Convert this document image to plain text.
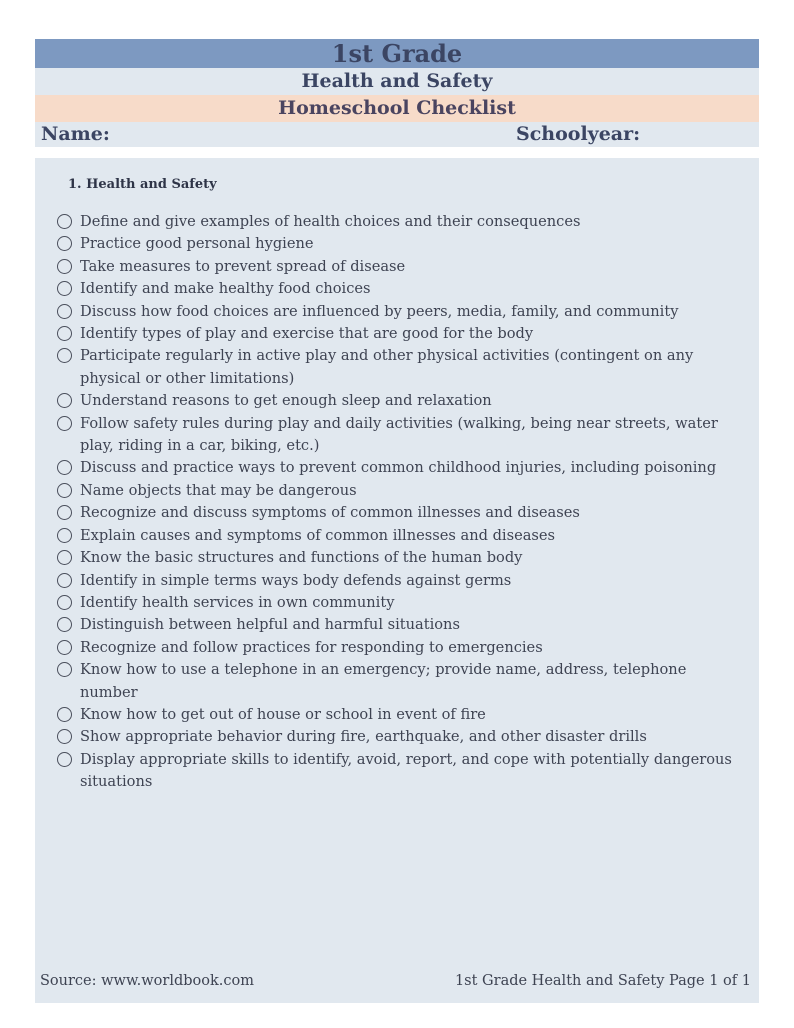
1st Grade
Health and Safety
Homeschool Checklist
Name:	Schoolyear:
1. Health and Safety
Define and give examples of health choices and their consequences
Practice good personal hygiene
Take measures to prevent spread of disease
Identify and make healthy food choices
Discuss how food choices are influenced by peers, media, family, and community
Identify types of play and exercise that are good for the body
Participate regularly in active play and other physical activities (contingent on any physical or other limitations)
Understand reasons to get enough sleep and relaxation
Follow safety rules during play and daily activities (walking, being near streets, water play, riding in a car, biking, etc.)
Discuss and practice ways to prevent common childhood injuries, including poisoning
Name objects that may be dangerous
Recognize and discuss symptoms of common illnesses and diseases
Explain causes and symptoms of common illnesses and diseases
Know the basic structures and functions of the human body
Identify in simple terms ways body defends against germs
Identify health services in own community
Distinguish between helpful and harmful situations
Recognize and follow practices for responding to emergencies
Know how to use a telephone in an emergency; provide name, address, telephone number
Know how to get out of house or school in event of fire
Show appropriate behavior during fire, earthquake, and other disaster drills
Display appropriate skills to identify, avoid, report, and cope with potentially dangerous situations
Source: www.worldbook.com	1st Grade Health and Safety Page 1 of 1
